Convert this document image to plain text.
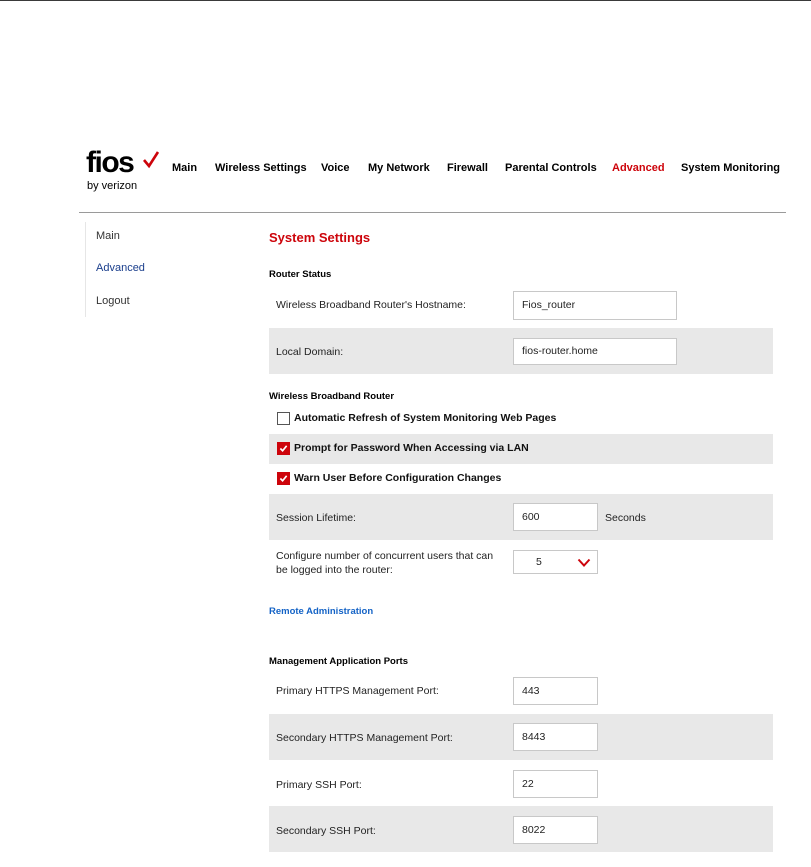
fios
by verizon
Main Wireless Settings Voice My Network Firewall Parental Controls Advanced System Monitoring
Main
Advanced
Logout
System Settings
Router Status
Wireless Broadband Router's Hostname:	Fios_router
Local Domain:	fios-router.home
Wireless Broadband Router
Automatic Refresh of System Monitoring Web Pages
Prompt for Password When Accessing via LAN
Warn User Before Configuration Changes
Session Lifetime:	600	Seconds
Configure number of concurrent users that can
be logged into the router:
5
Remote Administration
Management Application Ports
Primary HTTPS Management Port:	443
Secondary HTTPS Management Port:	8443
Primary SSH Port:	22
Secondary SSH Port:	8022
